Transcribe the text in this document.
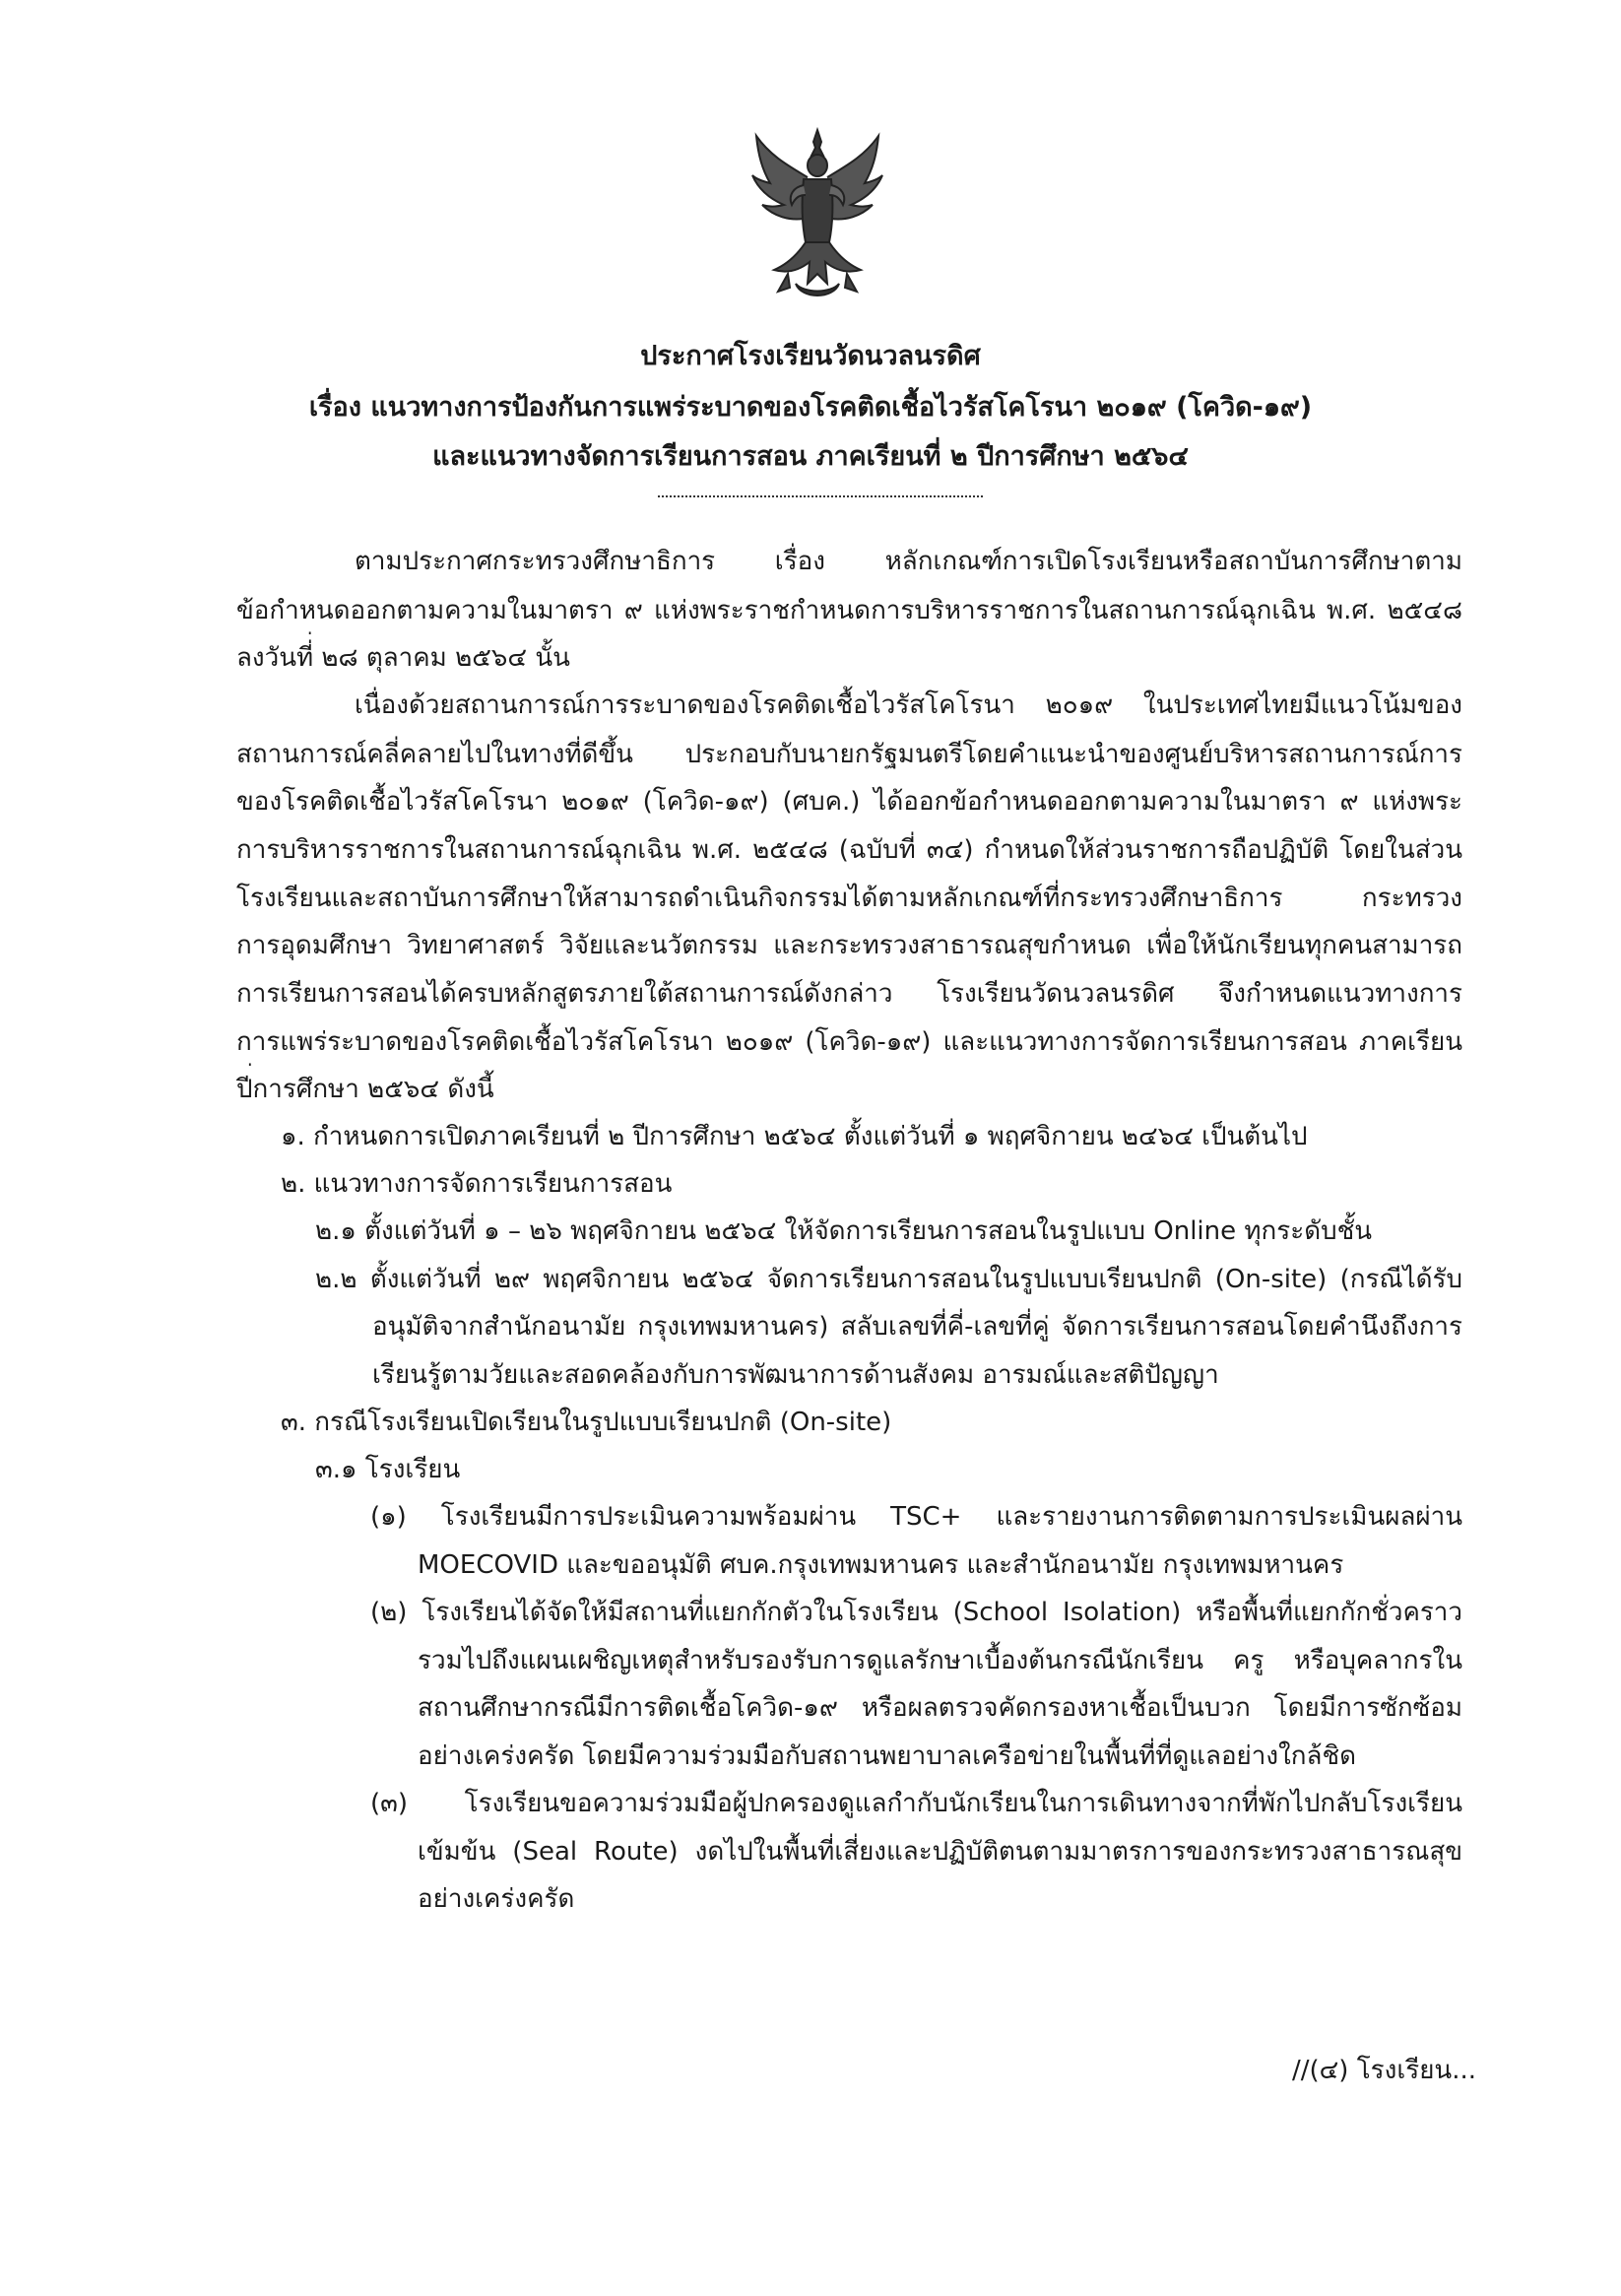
ประกาศโรงเรียนวัดนวลนรดิศ
เรื่อง แนวทางการป้องกันการแพร่ระบาดของโรคติดเชื้อไวรัสโคโรนา ๒๐๑๙ (โควิด-๑๙)
และแนวทางจัดการเรียนการสอน ภาคเรียนที่ ๒ ปีการศึกษา ๒๕๖๔
ตามประกาศกระทรวงศึกษาธิการ เรื่อง หลักเกณฑ์การเปิดโรงเรียนหรือสถาบันการศึกษาตาม
ข้อกำหนดออกตามความในมาตรา ๙ แห่งพระราชกำหนดการบริหารราชการในสถานการณ์ฉุกเฉิน พ.ศ. ๒๕๔๘
ลงวันที่ ๒๘ ตุลาคม ๒๕๖๔ นั้น
เนื่องด้วยสถานการณ์การระบาดของโรคติดเชื้อไวรัสโคโรนา ๒๐๑๙ ในประเทศไทยมีแนวโน้มของ
สถานการณ์คลี่คลายไปในทางที่ดีขึ้น ประกอบกับนายกรัฐมนตรีโดยคำแนะนำของศูนย์บริหารสถานการณ์การ
ของโรคติดเชื้อไวรัสโคโรนา ๒๐๑๙ (โควิด-๑๙) (ศบค.) ได้ออกข้อกำหนดออกตามความในมาตรา ๙ แห่งพระ
การบริหารราชการในสถานการณ์ฉุกเฉิน พ.ศ. ๒๕๔๘ (ฉบับที่ ๓๔) กำหนดให้ส่วนราชการถือปฏิบัติ โดยในส่วน
โรงเรียนและสถาบันการศึกษาให้สามารถดำเนินกิจกรรมได้ตามหลักเกณฑ์ที่กระทรวงศึกษาธิการ กระทรวง
การอุดมศึกษา วิทยาศาสตร์ วิจัยและนวัตกรรม และกระทรวงสาธารณสุขกำหนด เพื่อให้นักเรียนทุกคนสามารถ
การเรียนการสอนได้ครบหลักสูตรภายใต้สถานการณ์ดังกล่าว โรงเรียนวัดนวลนรดิศ จึงกำหนดแนวทางการ
การแพร่ระบาดของโรคติดเชื้อไวรัสโคโรนา ๒๐๑๙ (โควิด-๑๙) และแนวทางการจัดการเรียนการสอน ภาคเรียน
ปีการศึกษา ๒๕๖๔ ดังนี้
๑. กำหนดการเปิดภาคเรียนที่ ๒ ปีการศึกษา ๒๕๖๔ ตั้งแต่วันที่ ๑ พฤศจิกายน ๒๔๖๔ เป็นต้นไป
๒. แนวทางการจัดการเรียนการสอน
๒.๑ ตั้งแต่วันที่ ๑ – ๒๖ พฤศจิกายน ๒๕๖๔ ให้จัดการเรียนการสอนในรูปแบบ Online ทุกระดับชั้น
๒.๒ ตั้งแต่วันที่ ๒๙ พฤศจิกายน ๒๕๖๔ จัดการเรียนการสอนในรูปแบบเรียนปกติ (On-site) (กรณีได้รับ
อนุมัติจากสำนักอนามัย กรุงเทพมหานคร) สลับเลขที่คี่-เลขที่คู่ จัดการเรียนการสอนโดยคำนึงถึงการ
เรียนรู้ตามวัยและสอดคล้องกับการพัฒนาการด้านสังคม อารมณ์และสติปัญญา
๓. กรณีโรงเรียนเปิดเรียนในรูปแบบเรียนปกติ (On-site)
๓.๑ โรงเรียน
(๑) โรงเรียนมีการประเมินความพร้อมผ่าน TSC+ และรายงานการติดตามการประเมินผลผ่าน
MOECOVID และขออนุมัติ ศบค.กรุงเทพมหานคร และสำนักอนามัย กรุงเทพมหานคร
(๒) โรงเรียนได้จัดให้มีสถานที่แยกกักตัวในโรงเรียน (School Isolation) หรือพื้นที่แยกกักชั่วคราว
รวมไปถึงแผนเผชิญเหตุสำหรับรองรับการดูแลรักษาเบื้องต้นกรณีนักเรียน ครู หรือบุคลากรใน
สถานศึกษากรณีมีการติดเชื้อโควิด-๑๙ หรือผลตรวจคัดกรองหาเชื้อเป็นบวก โดยมีการซักซ้อม
อย่างเคร่งครัด โดยมีความร่วมมือกับสถานพยาบาลเครือข่ายในพื้นที่ที่ดูแลอย่างใกล้ชิด
(๓) โรงเรียนขอความร่วมมือผู้ปกครองดูแลกำกับนักเรียนในการเดินทางจากที่พักไปกลับโรงเรียน
เข้มข้น (Seal Route) งดไปในพื้นที่เสี่ยงและปฏิบัติตนตามมาตรการของกระทรวงสาธารณสุข
อย่างเคร่งครัด
//(๔) โรงเรียน...
